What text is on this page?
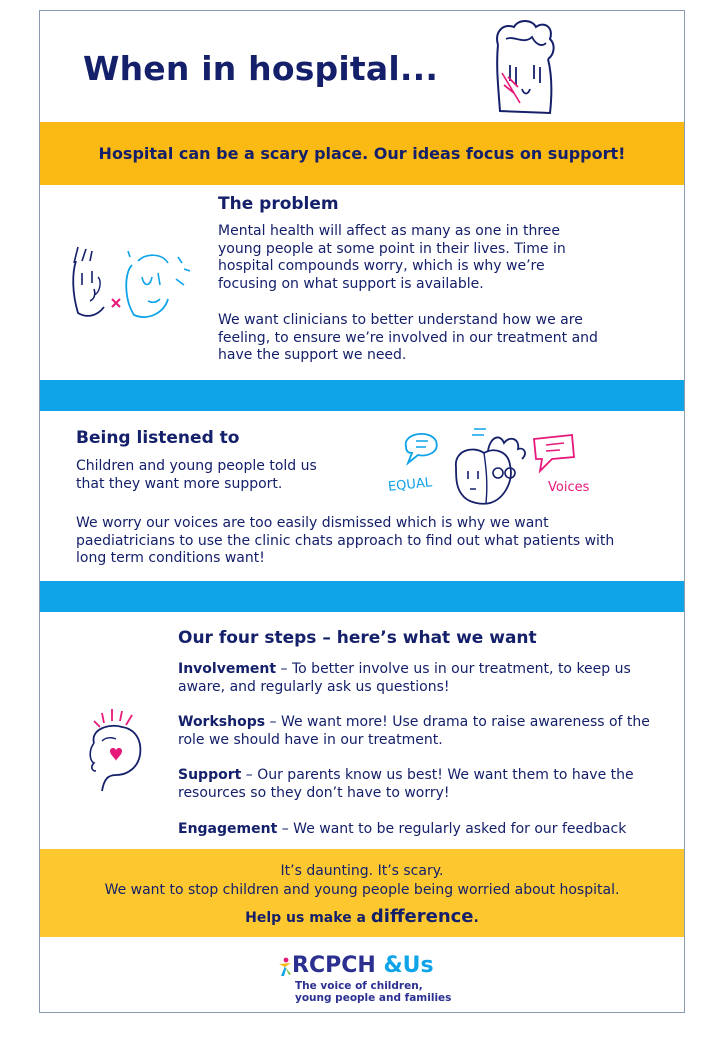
When in hospital...
Hospital can be a scary place. Our ideas focus on support!
The problem

Mental health will affect as many as one in three young people at some point in their lives. Time in hospital compounds worry, which is why we’re focusing on what support is available.

We want clinicians to better understand how we are feeling, to ensure we’re involved in our treatment and have the support we need.

Being listened to

Children and young people told us that they want more support.	EQUAL	Voices

We worry our voices are too easily dismissed which is why we want paediatricians to use the clinic chats approach to find out what patients with long term conditions want!

Our four steps – here’s what we want

Involvement – To better involve us in our treatment, to keep us aware, and regularly ask us questions!

Workshops – We want more! Use drama to raise awareness of the role we should have in our treatment.

Support – Our parents know us best! We want them to have the resources so they don’t have to worry!

Engagement – We want to be regularly asked for our feedback

It’s daunting. It’s scary.
We want to stop children and young people being worried about hospital.
Help us make a difference.
RCPCH &Us
The voice of children,
young people and families
